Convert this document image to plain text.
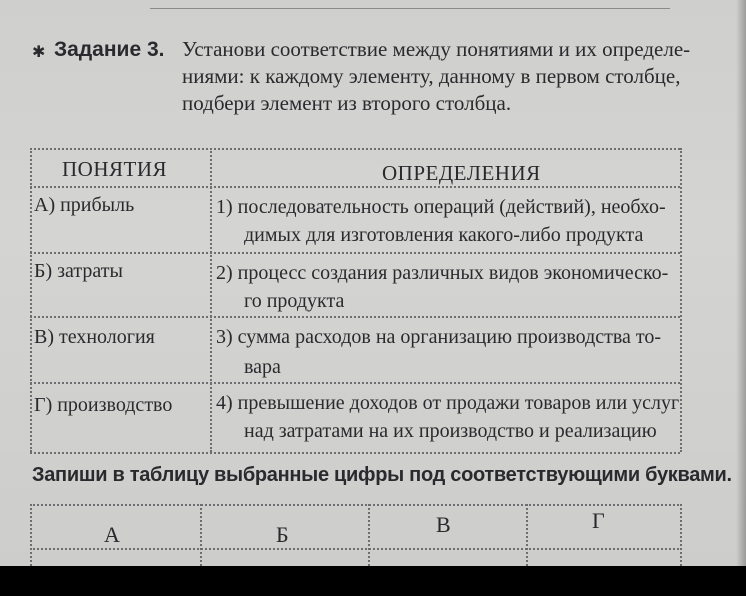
✱ Задание 3. Установи соответствие между понятиями и их определе-
ниями: к каждому элементу, данному в первом столбце,
подбери элемент из второго столбца.
ПОНЯТИЯ	ОПРЕДЕЛЕНИЯ
А) прибыль	1) последовательность операций (действий), необхо-
димых для изготовления какого-либо продукта
Б) затраты	2) процесс создания различных видов экономическо-
го продукта
В) технология	3) сумма расходов на организацию производства то-
вара
Г) производство 4) превышение доходов от продажи товаров или услуг
над затратами на их производство и реализацию
Запиши в таблицу выбранные цифры под соответствующими буквами.
А	Б	В	Г
